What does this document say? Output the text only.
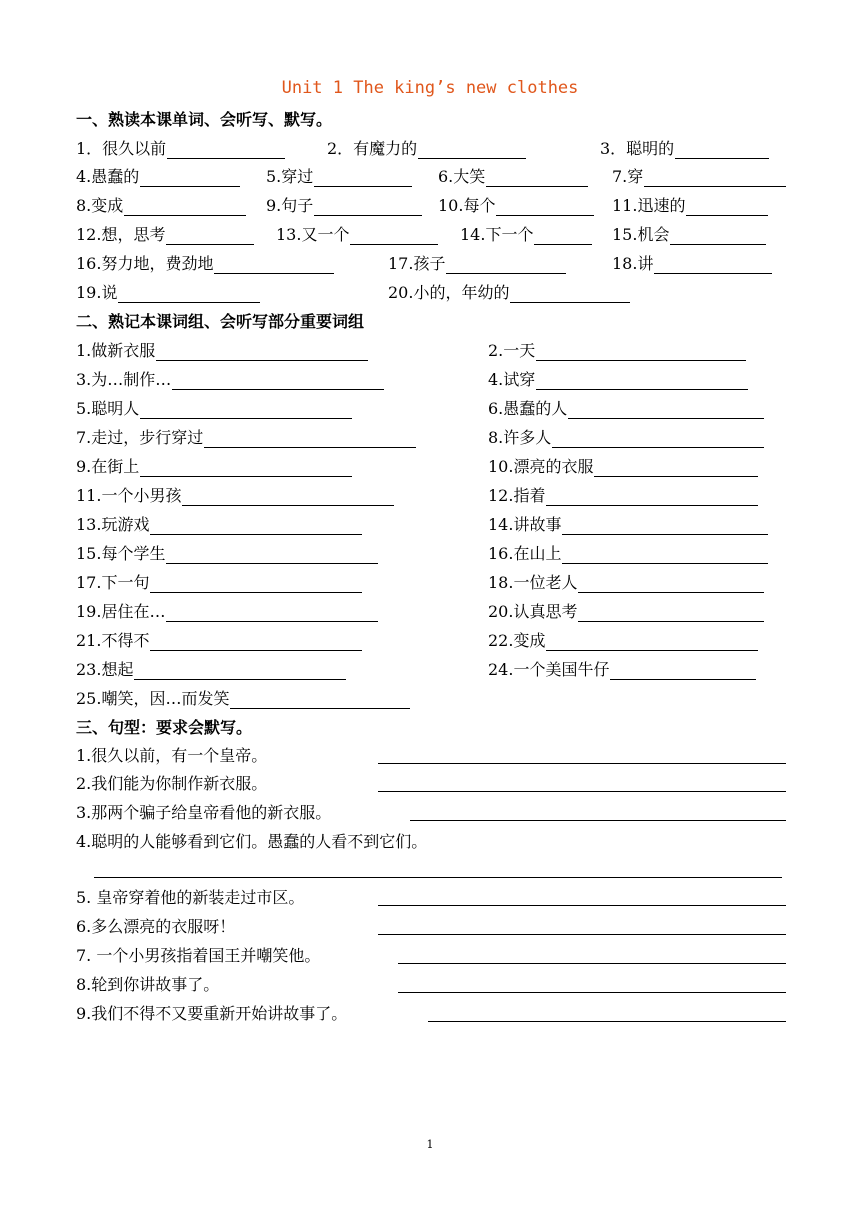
Unit 1 The king’s new clothes
一、熟读本课单词、会听写、默写。
1．很久以前	2．有魔力的	3．聪明的
4.愚蠢的	5.穿过	6.大笑	7.穿
8.变成	9.句子	10.每个	11.迅速的
12.想，思考	13.又一个	14.下一个	15.机会
16.努力地，费劲地	17.孩子	18.讲
19.说	20.小的，年幼的
二、熟记本课词组、会听写部分重要词组
1.做新衣服	2.一天
3.为…制作…	4.试穿
5.聪明人	6.愚蠢的人
7.走过，步行穿过	8.许多人
9.在街上	10.漂亮的衣服
11.一个小男孩	12.指着
13.玩游戏	14.讲故事
15.每个学生	16.在山上
17.下一句	18.一位老人
19.居住在…	20.认真思考
21.不得不	22.变成
23.想起	24.一个美国牛仔
25.嘲笑，因…而发笑
三、句型：要求会默写。
1.很久以前，有一个皇帝。
2.我们能为你制作新衣服。
3.那两个骗子给皇帝看他的新衣服。
4.聪明的人能够看到它们。愚蠢的人看不到它们。
5. 皇帝穿着他的新装走过市区。
6.多么漂亮的衣服呀！
7. 一个小男孩指着国王并嘲笑他。
8.轮到你讲故事了。
9.我们不得不又要重新开始讲故事了。
1
